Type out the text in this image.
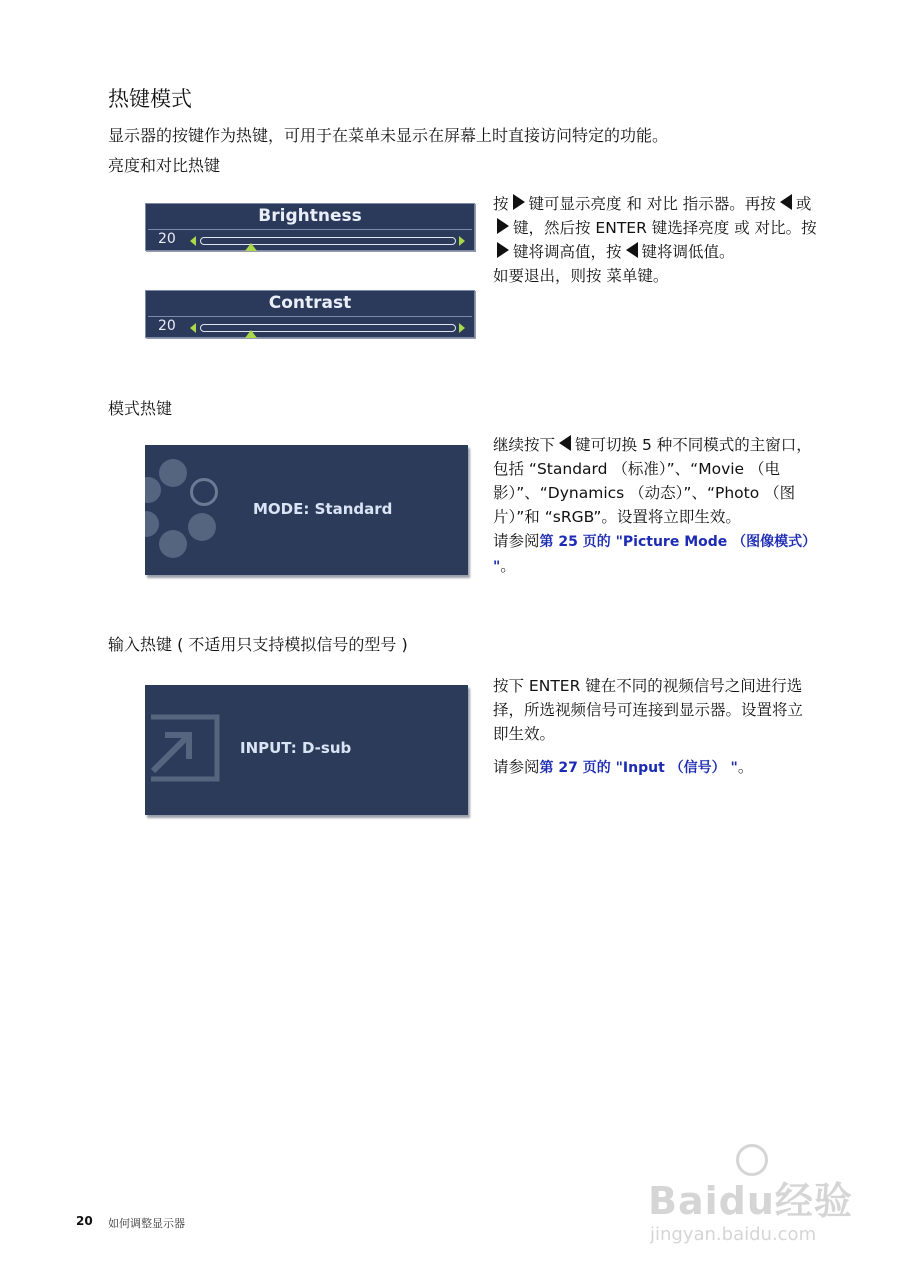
热键模式
显示器的按键作为热键，可用于在菜单未显示在屏幕上时直接访问特定的功能。
亮度和对比热键
Brightness
20
Contrast
20
按 键可显示亮度 和 对比 指示器。再按 或键，然后按 ENTER 键选择亮度 或 对比。按键将调高值，按 键将调低值。
如要退出，则按 菜单键。
模式热键
MODE: Standard
继续按下 键可切换 5 种不同模式的主窗口，包括 “Standard （标准）”、“Movie （电影）”、“Dynamics （动态）”、“Photo （图片）”和 “sRGB”。设置将立即生效。
请参阅第 25 页的 "Picture Mode （图像模式） "。
输入热键 ( 不适用只支持模拟信号的型号 )
INPUT: D-sub
按下 ENTER 键在不同的视频信号之间进行选择，所选视频信号可连接到显示器。设置将立即生效。
请参阅第 27 页的 "Input （信号） "。
20 如何调整显示器
Baidu经验
jingyan.baidu.com
